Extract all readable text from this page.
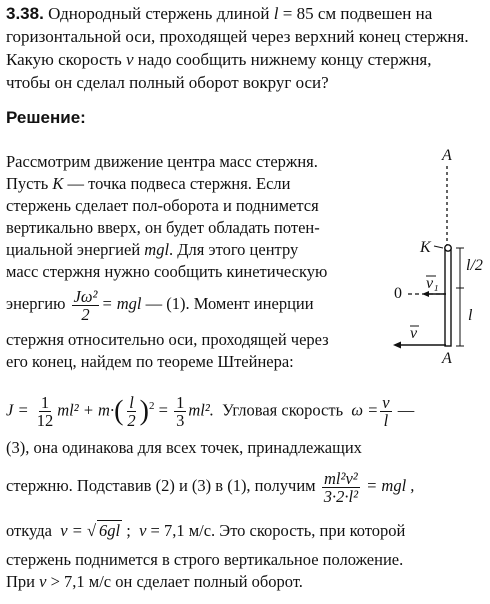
3.38. Однородный стержень длиной l = 85 см подвешен на
горизонтальной оси, проходящей через верхний конец стержня.
Какую скорость v надо сообщить нижнему концу стержня,
чтобы он сделал полный оборот вокруг оси?
Решение:
Рассмотрим движение центра масс стержня.
Пусть K — точка подвеса стержня. Если
стержень сделает пол-оборота и поднимется
вертикально вверх, он будет обладать потен-
циальной энергией mgl. Для этого центру
масс стержня нужно сообщить кинетическую
энергию $\frac{\text{Jω²}}{2}$ = mgl — (1). Момент инерции
стержня относительно оси, проходящей через
его конец, найдем по теореме Штейнера:
$J = \frac{1}{12} ml^2 + m\cdot( \frac{l}{2} )^2 = \frac{1}{3} ml^2$.  Угловая скорость  $\omega = \frac{v}{l}$ —
(3), она одинакова для всех точек, принадлежащих
стержню. Подставив (2) и (3) в (1), получим $\frac{\text{ml²v²}}{\text{3·2·l²}}$ = mgl ,
откуда  v = √ 6gl ;  v = 7,1 м/с. Это скорость, при которой
стержень поднимется в строго вертикальное положение.
При v > 7,1 м/с он сделает полный оборот.
A
A
K
l/2
l
0
v₁
v
